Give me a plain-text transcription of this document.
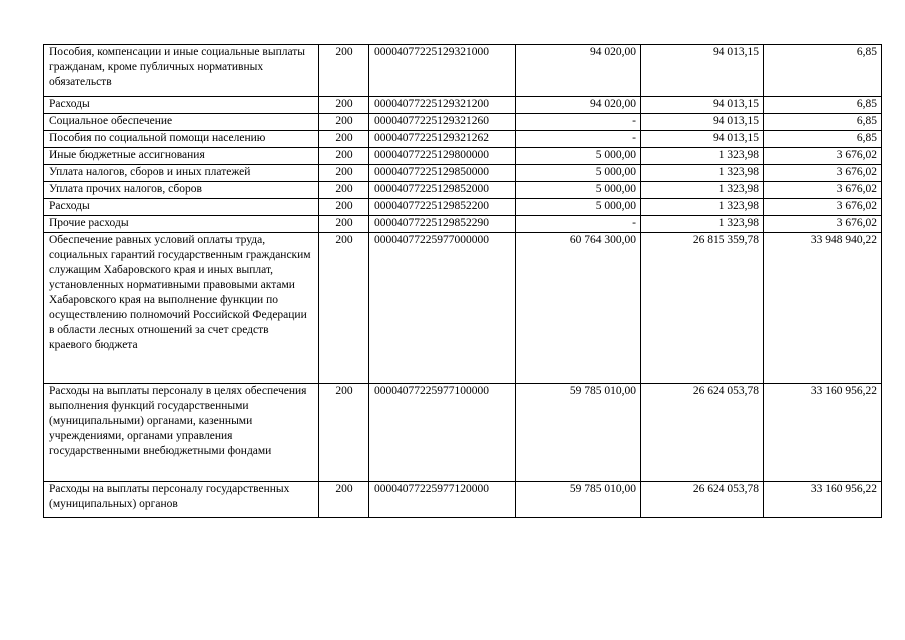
Пособия, компенсации и иные социальные выплаты гражданам, кроме публичных нормативных обязательств	200	00004077225129321000	94 020,00	94 013,15	6,85
Расходы	200	00004077225129321200	94 020,00	94 013,15	6,85
Социальное обеспечение	200	00004077225129321260	-	94 013,15	6,85
Пособия по социальной помощи населению	200	00004077225129321262	-	94 013,15	6,85
Иные бюджетные ассигнования	200	00004077225129800000	5 000,00	1 323,98	3 676,02
Уплата налогов, сборов и иных платежей	200	00004077225129850000	5 000,00	1 323,98	3 676,02
Уплата прочих налогов, сборов	200	00004077225129852000	5 000,00	1 323,98	3 676,02
Расходы	200	00004077225129852200	5 000,00	1 323,98	3 676,02
Прочие расходы	200	00004077225129852290	-	1 323,98	3 676,02
Обеспечение равных условий оплаты труда, социальных гарантий государственным гражданским служащим Хабаровского края и иных выплат, установленных нормативными правовыми актами Хабаровского края на выполнение функции по осуществлению полномочий Российской Федерации в области лесных отношений за счет средств краевого бюджета	200	00004077225977000000	60 764 300,00	26 815 359,78	33 948 940,22
Расходы на выплаты персоналу в целях обеспечения выполнения функций государственными (муниципальными) органами, казенными учреждениями, органами управления государственными внебюджетными фондами	200	00004077225977100000	59 785 010,00	26 624 053,78	33 160 956,22
Расходы на выплаты персоналу государственных (муниципальных) органов	200	00004077225977120000	59 785 010,00	26 624 053,78	33 160 956,22
